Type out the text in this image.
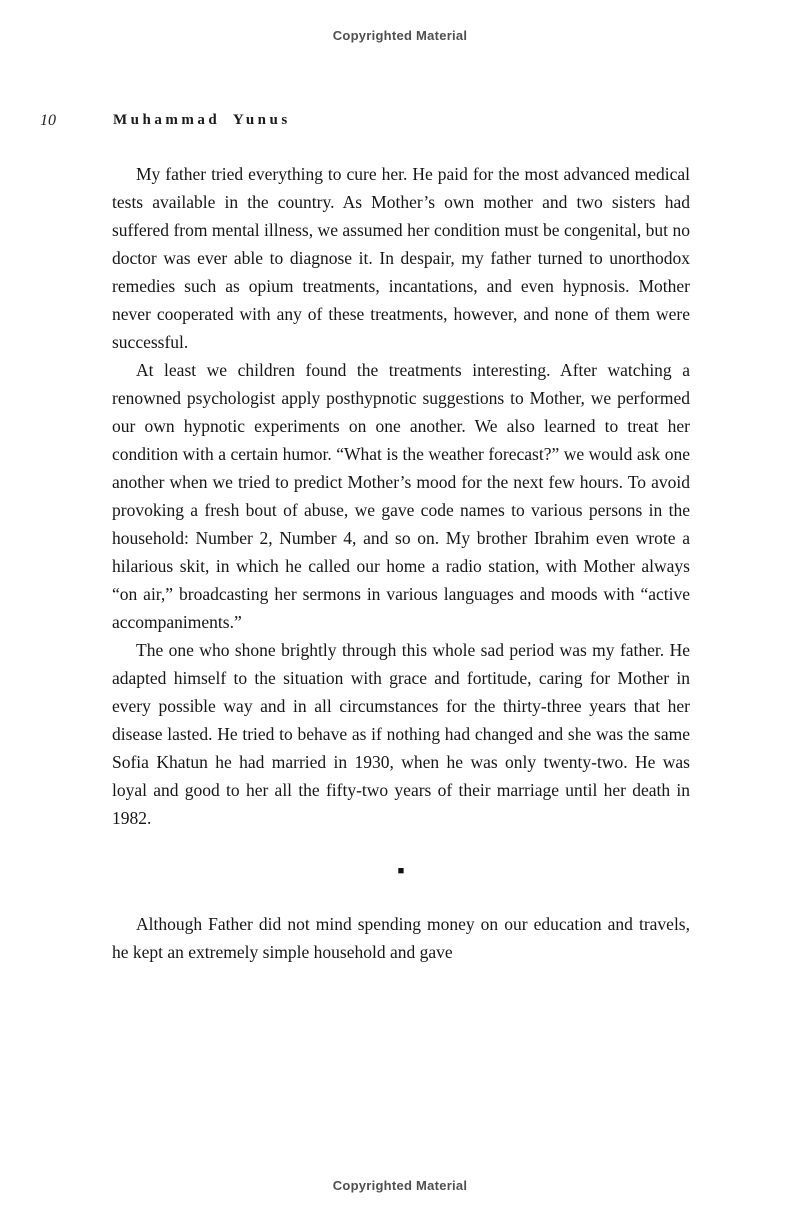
Copyrighted Material
10	Muhammad Yunus

My father tried everything to cure her. He paid for the most advanced medical tests available in the country. As Mother’s own mother and two sisters had suffered from mental illness, we assumed her condition must be congenital, but no doctor was ever able to diagnose it. In despair, my father turned to unorthodox remedies such as opium treatments, incantations, and even hypnosis. Mother never cooperated with any of these treatments, however, and none of them were successful.

At least we children found the treatments interesting. After watching a renowned psychologist apply posthypnotic suggestions to Mother, we performed our own hypnotic experiments on one another. We also learned to treat her condition with a certain humor. “What is the weather forecast?” we would ask one another when we tried to predict Mother’s mood for the next few hours. To avoid provoking a fresh bout of abuse, we gave code names to various persons in the household: Number 2, Number 4, and so on. My brother Ibrahim even wrote a hilarious skit, in which he called our home a radio station, with Mother always “on air,” broadcasting her sermons in various languages and moods with “active accompaniments.”

The one who shone brightly through this whole sad period was my father. He adapted himself to the situation with grace and fortitude, caring for Mother in every possible way and in all circumstances for the thirty-three years that her disease lasted. He tried to behave as if nothing had changed and she was the same Sofia Khatun he had married in 1930, when he was only twenty-two. He was loyal and good to her all the fifty-two years of their marriage until her death in 1982.

■

Although Father did not mind spending money on our education and travels, he kept an extremely simple household and gave

Copyrighted Material
